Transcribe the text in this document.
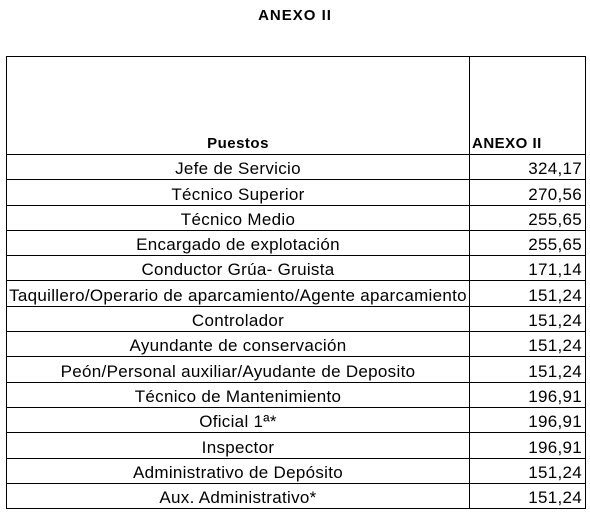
ANEXO II
Puestos	ANEXO II
Jefe de Servicio	324,17
Técnico Superior	270,56
Técnico Medio	255,65
Encargado de explotación	255,65
Conductor Grúa- Gruista	171,14
Taquillero/Operario de aparcamiento/Agente aparcamiento	151,24
Controlador	151,24
Ayundante de conservación	151,24
Peón/Personal auxiliar/Ayudante de Deposito	151,24
Técnico de Mantenimiento	196,91
Oficial 1ª*	196,91
Inspector	196,91
Administrativo de Depósito	151,24
Aux. Administrativo*	151,24
